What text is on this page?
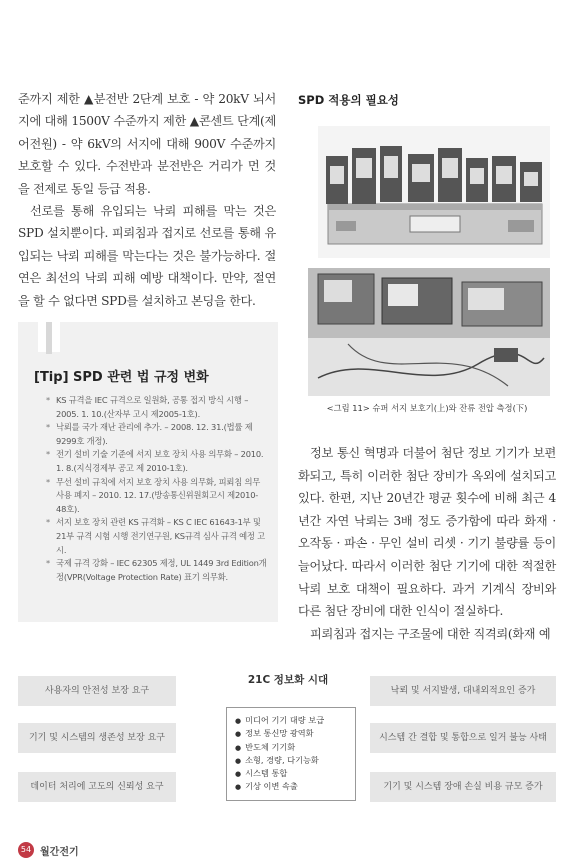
준까지 제한 ▲분전반 2단계 보호 - 약 20kV 뇌서지에 대해 1500V 수준까지 제한 ▲콘센트 단계(제어전원) - 약 6kV의 서지에 대해 900V 수준까지 보호할 수 있다. 수전반과 분전반은 거리가 먼 것을 전제로 동일 등급 적용.

선로를 통해 유입되는 낙뢰 피해를 막는 것은 SPD 설치뿐이다. 피뢰침과 접지로 선로를 통해 유입되는 낙뢰 피해를 막는다는 것은 불가능하다. 절연은 최선의 낙뢰 피해 예방 대책이다. 만약, 절연을 할 수 없다면 SPD를 설치하고 본딩을 한다.

[Tip] SPD 관련 법 규정 변화
* KS 규격을 IEC 규격으로 일원화, 공통 접지 방식 시행 – 2005. 1. 10.(산자부 고시 제2005-1호).
* 낙뢰를 국가 재난 관리에 추가. – 2008. 12. 31.(법률 제9299호 개정).
* 전기 설비 기술 기준에 서지 보호 장치 사용 의무화 – 2010. 1. 8.(지식경제부 공고 제 2010-1호).
* 무선 설비 규칙에 서지 보호 장치 사용 의무화, 피뢰침 의무 사용 폐지 – 2010. 12. 17.(방송통신위원회고시 제2010-48호).
* 서지 보호 장치 관련 KS 규격화 – KS C IEC 61643-1부 및 21부 규격 시험 시행 전기연구원, KS규격 심사 규격 예정 고시.
* 국제 규격 강화 – IEC 62305 제정, UL 1449 3rd Edition개정(VPR(Voltage Protection Rate) 표기 의무화.
SPD 적용의 필요성
<그림 11> 슈퍼 서지 보호기(上)와 잔류 전압 측정(下)

정보 통신 혁명과 더불어 첨단 정보 기기가 보편화되고, 특히 이러한 첨단 장비가 옥외에 설치되고 있다. 한편, 지난 20년간 평균 횟수에 비해 최근 4년간 자연 낙뢰는 3배 정도 증가함에 따라 화재 · 오작동 · 파손 · 무인 설비 리셋 · 기기 불량률 등이 늘어났다. 따라서 이러한 첨단 기기에 대한 적절한 낙뢰 보호 대책이 필요하다. 과거 기계식 장비와 다른 첨단 장비에 대한 인식이 절실하다.

피뢰침과 접지는 구조물에 대한 직격뢰(화재 예

21C 정보화 시대
사용자의 안전성 보장 요구
기기 및 시스템의 생존성 보장 요구
데이터 처리에 고도의 신뢰성 요구
낙뢰 및 서지발생, 대내외적요인 증가
시스템 간 결합 및 통합으로 일거 불능 사태
기기 및 시스템 장애 손실 비용 규모 증가
● 미디어 기기 대량 보급
● 정보 통신망 광역화
● 반도체 기기화
● 소형, 경량, 다기능화
● 시스템 통합
● 기상 이변 속출
54 월간전기
